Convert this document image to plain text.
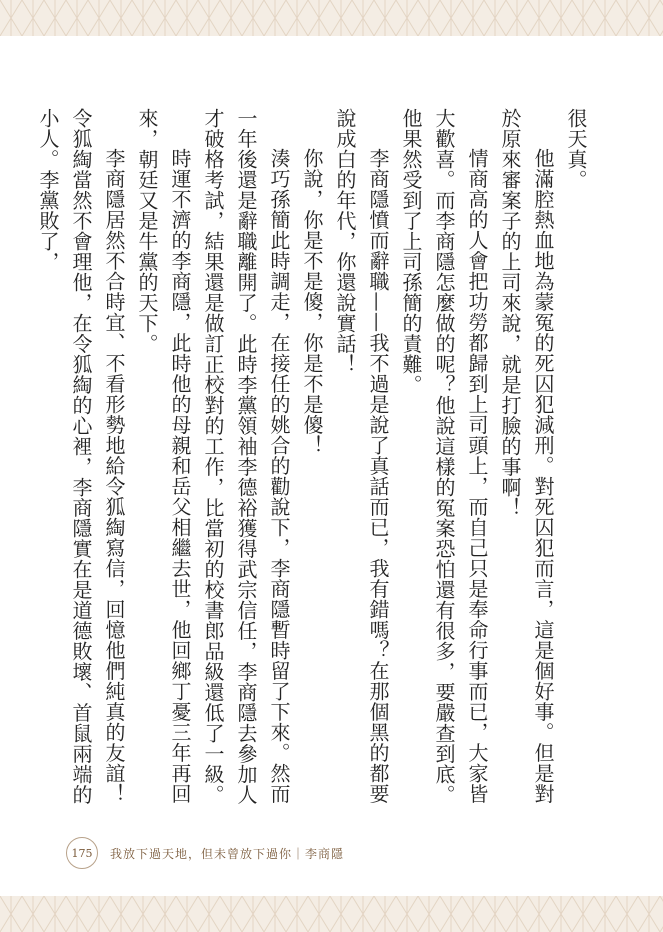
很天真。

他滿腔熱血地為蒙冤的死囚犯減刑。對死囚犯而言，這是個好事。但是對於原來審案子的上司來說，就是打臉的事啊！

情商高的人會把功勞都歸到上司頭上，而自己只是奉命行事而已，大家皆大歡喜。而李商隱怎麼做的呢？他說這樣的冤案恐怕還有很多，要嚴查到底。他果然受到了上司孫簡的責難。

李商隱憤而辭職——我不過是說了真話而已，我有錯嗎？在那個黑的都要說成白的年代，你還說實話！

你說，你是不是傻，你是不是傻！

湊巧孫簡此時調走，在接任的姚合的勸說下，李商隱暫時留了下來。然而一年後還是辭職離開了。此時李黨領袖李德裕獲得武宗信任，李商隱去參加人才破格考試，結果還是做訂正校對的工作，比當初的校書郎品級還低了一級。

時運不濟的李商隱，此時他的母親和岳父相繼去世，他回鄉丁憂三年再回來，朝廷又是牛黨的天下。

李商隱居然不合時宜、不看形勢地給令狐綯寫信，回憶他們純真的友誼！令狐綯當然不會理他，在令狐綯的心裡，李商隱實在是道德敗壞、首鼠兩端的小人。李黨敗了，

175	我放下過天地，但未曾放下過你｜李商隱
